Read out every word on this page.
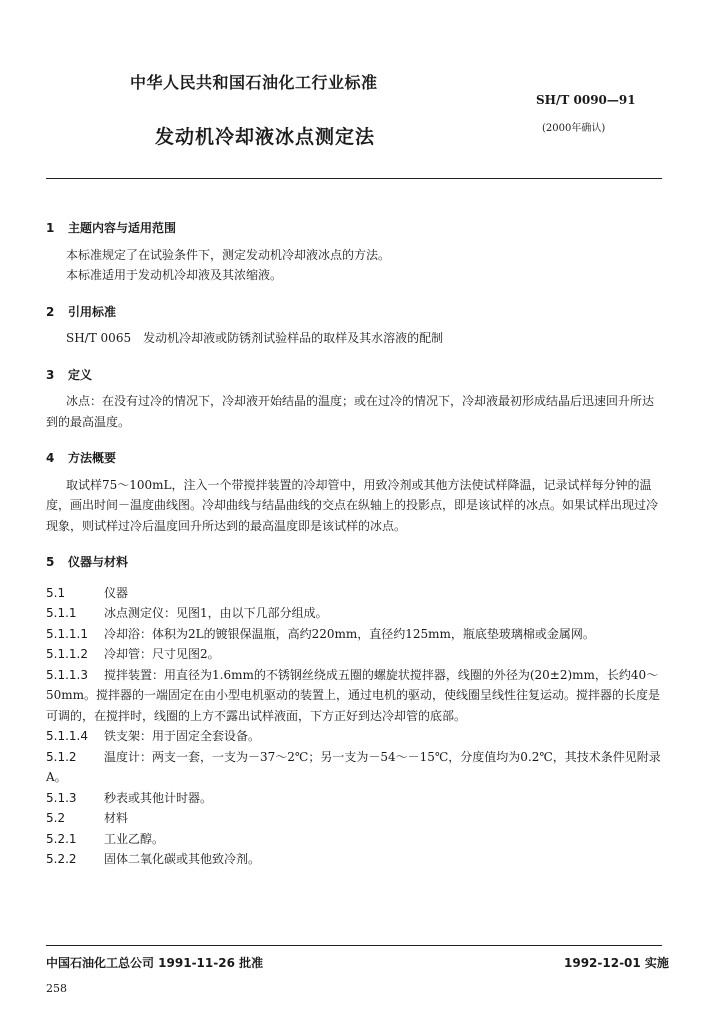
中华人民共和国石油化工行业标准
SH/T 0090—91
发动机冷却液冰点测定法	(2000年确认)
1 主题内容与适用范围

本标准规定了在试验条件下，测定发动机冷却液冰点的方法。

本标准适用于发动机冷却液及其浓缩液。

2 引用标准

SH/T 0065　发动机冷却液或防锈剂试验样品的取样及其水溶液的配制

3 定义

冰点：在没有过冷的情况下，冷却液开始结晶的温度；或在过冷的情况下，冷却液最初形成结晶后迅速回升所达到的最高温度。

4 方法概要

取试样75～100mL，注入一个带搅拌装置的冷却管中，用致冷剂或其他方法使试样降温，记录试样每分钟的温度，画出时间－温度曲线图。冷却曲线与结晶曲线的交点在纵轴上的投影点，即是该试样的冰点。如果试样出现过冷现象，则试样过冷后温度回升所达到的最高温度即是该试样的冰点。

5 仪器与材料

5.1	仪器

5.1.1 冰点测定仪：见图1，由以下几部分组成。

5.1.1.1 冷却浴：体积为2L的镀银保温瓶，高约220mm，直径约125mm，瓶底垫玻璃棉或金属网。

5.1.1.2 冷却管：尺寸见图2。

5.1.1.3 搅拌装置：用直径为1.6mm的不锈钢丝绕成五圈的螺旋状搅拌器，线圈的外径为(20±2)mm，长约40～50mm。搅拌器的一端固定在由小型电机驱动的装置上，通过电机的驱动，使线圈呈线性往复运动。搅拌器的长度是可调的，在搅拌时，线圈的上方不露出试样液面，下方正好到达冷却管的底部。

5.1.1.4 铁支架：用于固定全套设备。

5.1.2 温度计：两支一套，一支为－37～2℃；另一支为－54～－15℃，分度值均为0.2℃，其技术条件见附录A。

5.1.3 秒表或其他计时器。

5.2	材料

5.2.1 工业乙醇。

5.2.2 固体二氧化碳或其他致冷剂。

中国石油化工总公司 1991-11-26 批准	1992-12-01 实施
258
